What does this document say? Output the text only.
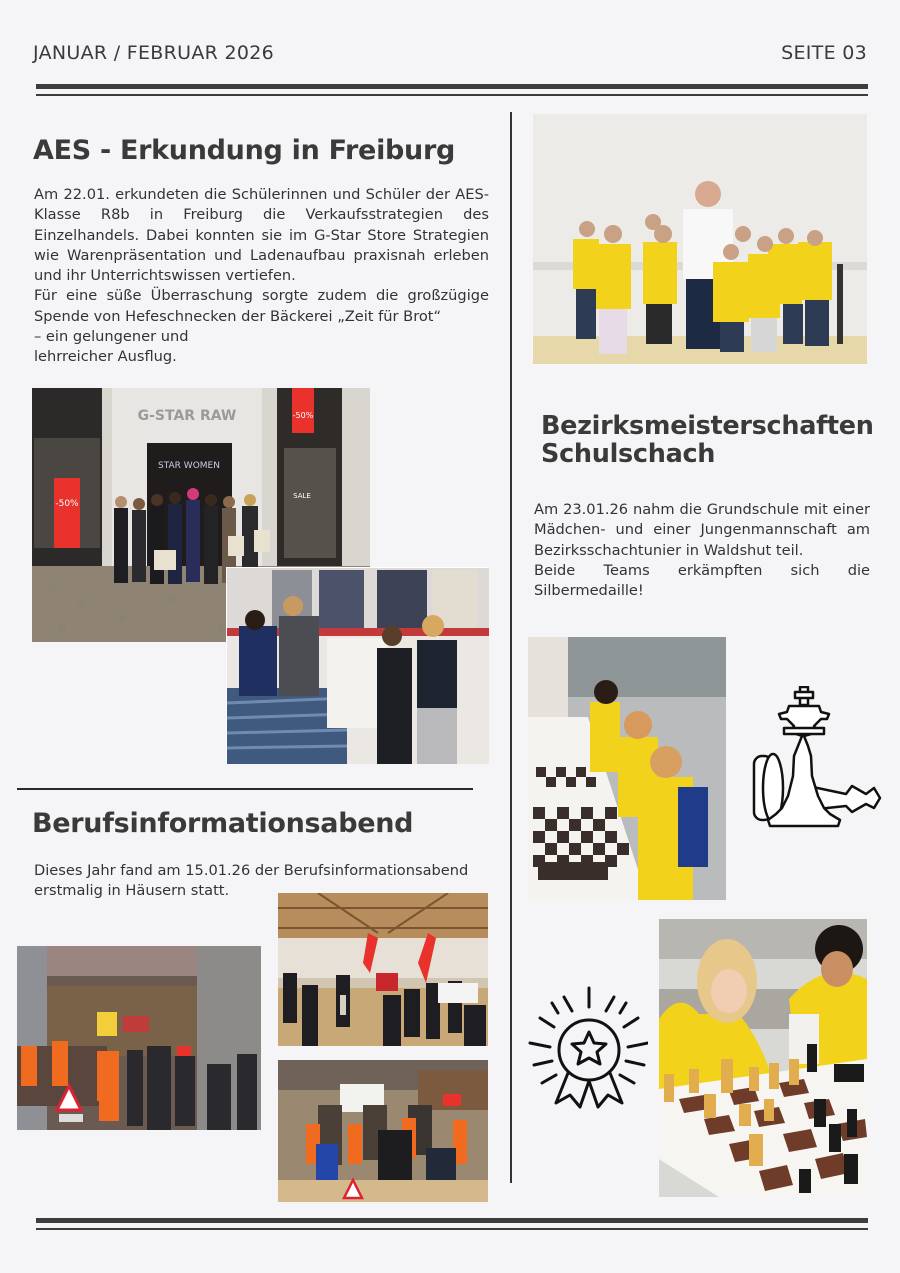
JANUAR / FEBRUAR 2026	SEITE 03
AES - Erkundung in Freiburg

Am 22.01. erkundeten die Schülerinnen und Schüler der AES-Klasse R8b in Freiburg die Verkaufsstrategien des Einzelhandels. Dabei konnten sie im G-Star Store Strategien wie Warenpräsentation und Ladenaufbau praxisnah erleben und ihr Unterrichtswissen vertiefen.

Für eine süße Überraschung sorgte zudem die großzügige Spende von Hefeschnecken der Bäckerei „Zeit für Brot“

– ein gelungener und

lehrreicher Ausflug.

G-STAR RAW
STAR WOMEN
-50%
-50%
SALE
Bezirksmeisterschaften
Schulschach

Am 23.01.26 nahm die Grundschule mit einer Mädchen- und einer Jungenmannschaft am Bezirksschachtunier in Waldshut teil.

Beide Teams erkämpften sich die Silbermedaille!

Berufsinformationsabend

Dieses Jahr fand am 15.01.26 der Berufsinformationsabend erstmalig in Häusern statt.
